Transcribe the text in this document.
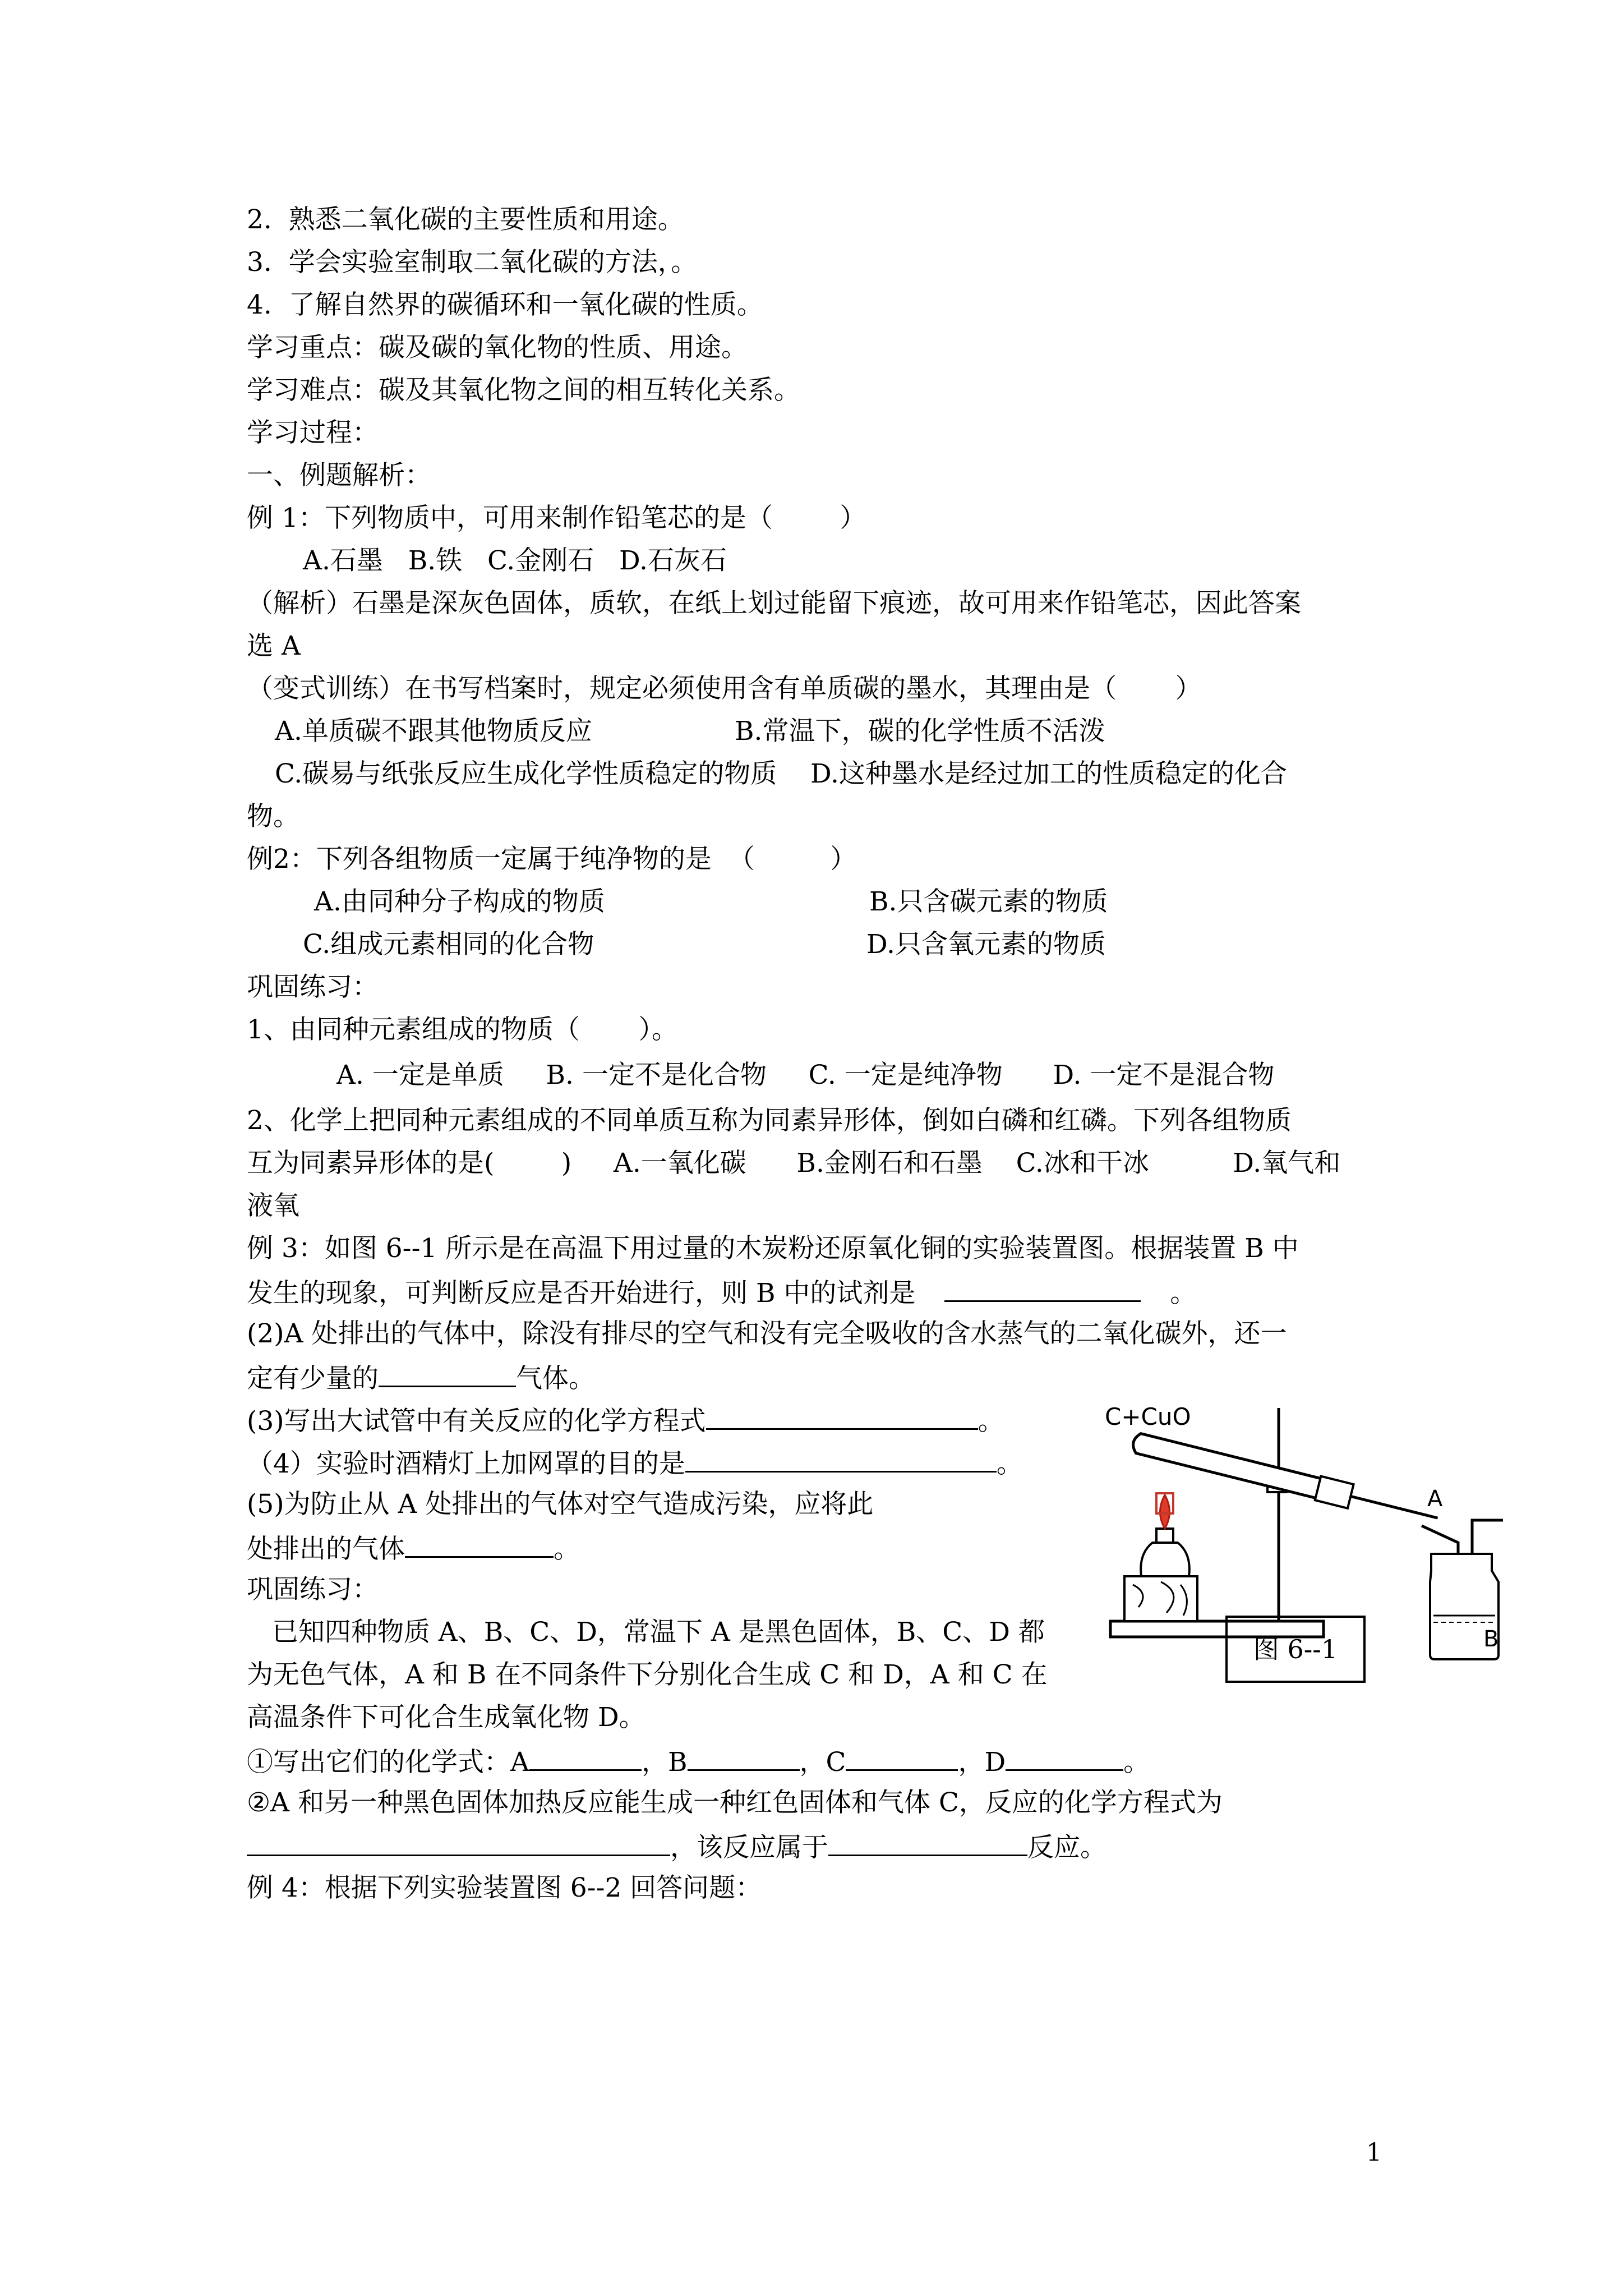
2.  熟悉二氧化碳的主要性质和用途。
3.  学会实验室制取二氧化碳的方法，。
4.  了解自然界的碳循环和一氧化碳的性质。
学习重点：碳及碳的氧化物的性质、用途。
学习难点：碳及其氧化物之间的相互转化关系。
学习过程：
一、例题解析：
例 1：下列物质中，可用来制作铅笔芯的是（        ）
A.石墨   B.铁   C.金刚石   D.石灰石
（解析）石墨是深灰色固体，质软，在纸上划过能留下痕迹，故可用来作铅笔芯，因此答案
选 A
（变式训练）在书写档案时，规定必须使用含有单质碳的墨水，其理由是（       ）
A.单质碳不跟其他物质反应	B.常温下，碳的化学性质不活泼
C.碳易与纸张反应生成化学性质稳定的物质    D.这种墨水是经过加工的性质稳定的化合
物。
例2：下列各组物质一定属于纯净物的是  （         ）
A.由同种分子构成的物质	B.只含碳元素的物质
C.组成元素相同的化合物	D.只含氧元素的物质
巩固练习：
1、由同种元素组成的物质（       ）。
A. 一定是单质     B. 一定不是化合物     C. 一定是纯净物      D. 一定不是混合物
2、化学上把同种元素组成的不同单质互称为同素异形体，倒如白磷和红磷。下列各组物质
互为同素异形体的是(        )     A.一氧化碳      B.金刚石和石墨    C.冰和干冰          D.氧气和
液氧
例 3：如图 6--1 所示是在高温下用过量的木炭粉还原氧化铜的实验装置图。根据装置 B 中
发生的现象，可判断反应是否开始进行，则 B 中的试剂是	。
(2)A 处排出的气体中，除没有排尽的空气和没有完全吸收的含水蒸气的二氧化碳外，还一
定有少量的	气体。
(3)写出大试管中有关反应的化学方程式	。
（4）实验时酒精灯上加网罩的目的是	。
(5)为防止从 A 处排出的气体对空气造成污染，应将此
处排出的气体	。
巩固练习：
已知四种物质 A、B、C、D，常温下 A 是黑色固体，B、C、D 都
为无色气体，A 和 B 在不同条件下分别化合生成 C 和 D，A 和 C 在
高温条件下可化合生成氧化物 D。
①写出它们的化学式：A	，B	，C	，D	。
②A 和另一种黑色固体加热反应能生成一种红色固体和气体 C，反应的化学方程式为
，该反应属于	反应。
例 4：根据下列实验装置图 6--2 回答问题：
C+CuO
A
B
图 6--1
1
